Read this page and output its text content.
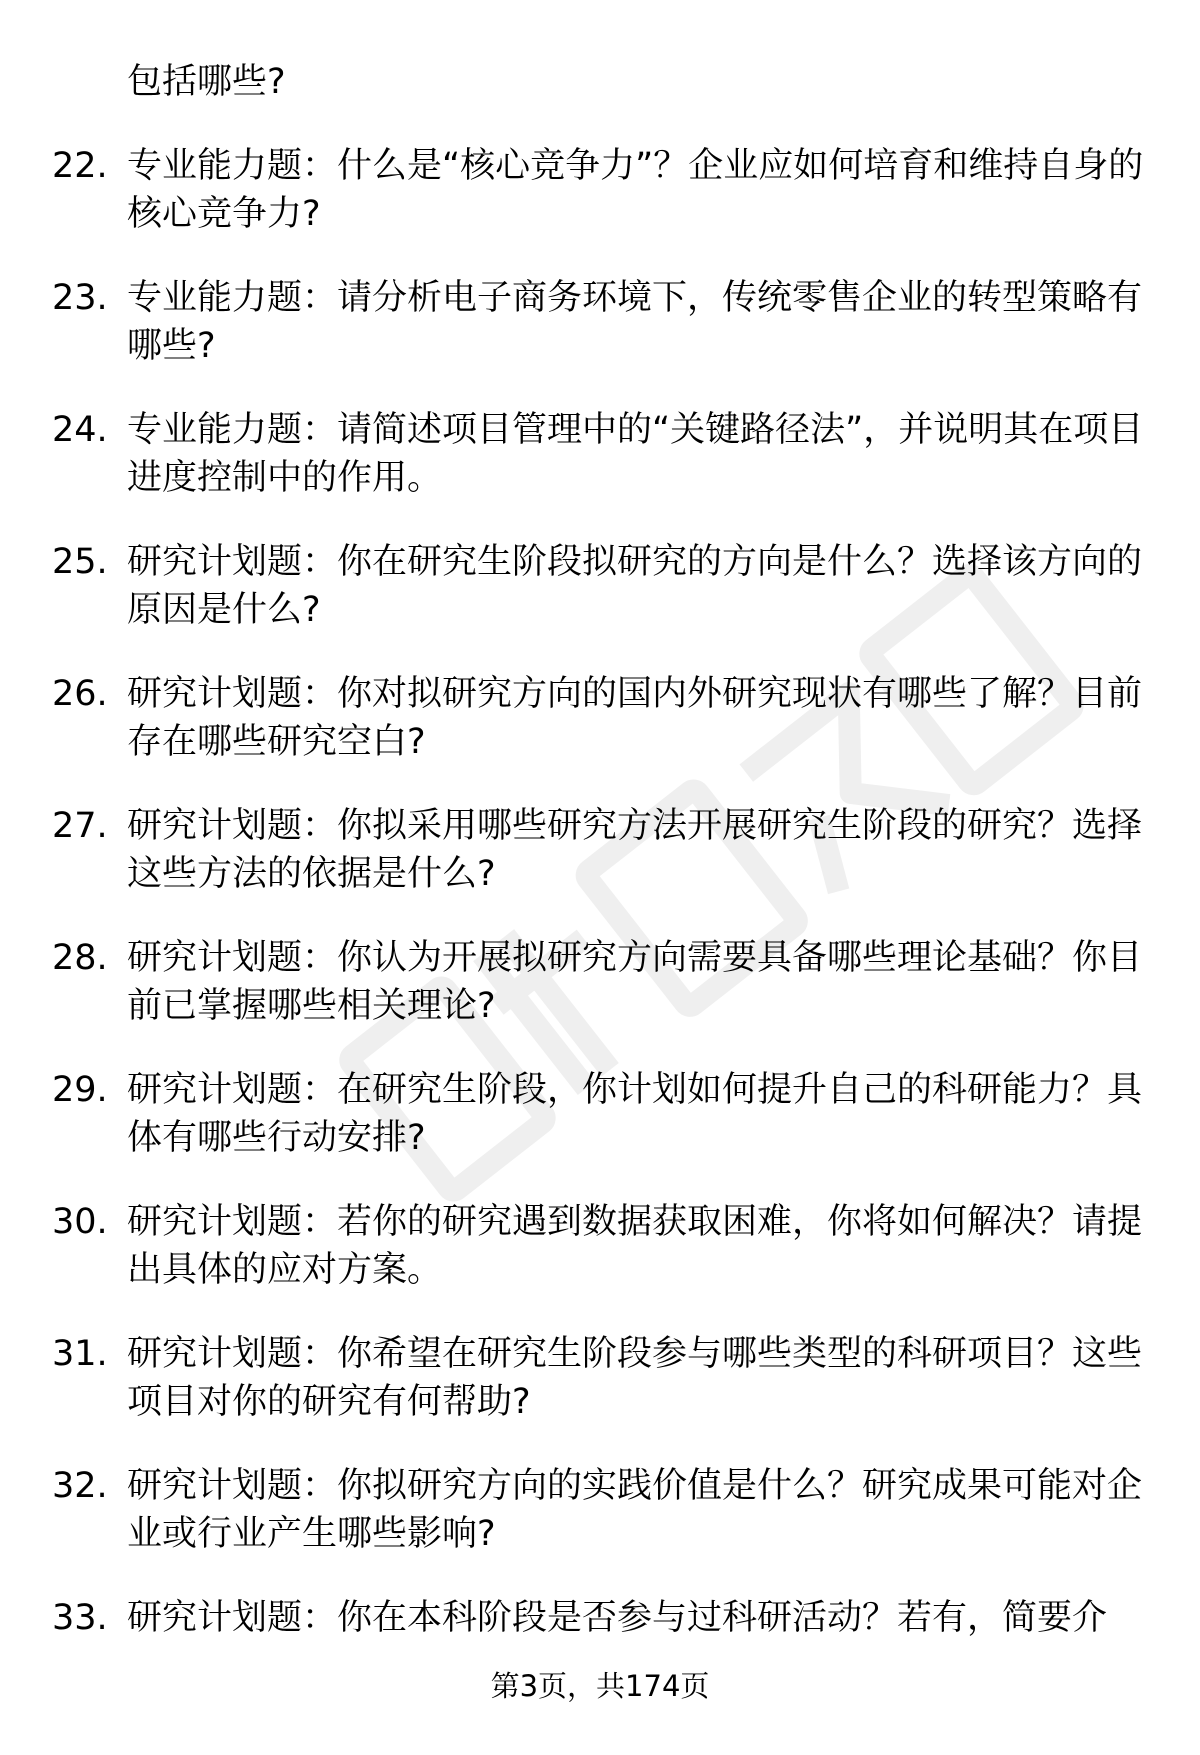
包括哪些?
22. 专业能力题：什么是“核心竞争力”？企业应如何培育和维持自身的核心竞争力?
23. 专业能力题：请分析电子商务环境下，传统零售企业的转型策略有哪些?
24. 专业能力题：请简述项目管理中的“关键路径法”，并说明其在项目进度控制中的作用。
25. 研究计划题：你在研究生阶段拟研究的方向是什么？选择该方向的原因是什么?
26. 研究计划题：你对拟研究方向的国内外研究现状有哪些了解？目前存在哪些研究空白?
27. 研究计划题：你拟采用哪些研究方法开展研究生阶段的研究？选择这些方法的依据是什么?
28. 研究计划题：你认为开展拟研究方向需要具备哪些理论基础？你目前已掌握哪些相关理论?
29. 研究计划题：在研究生阶段，你计划如何提升自己的科研能力？具体有哪些行动安排?
30. 研究计划题：若你的研究遇到数据获取困难，你将如何解决？请提出具体的应对方案。
31. 研究计划题：你希望在研究生阶段参与哪些类型的科研项目？这些项目对你的研究有何帮助?
32. 研究计划题：你拟研究方向的实践价值是什么？研究成果可能对企业或行业产生哪些影响?
33. 研究计划题：你在本科阶段是否参与过科研活动？若有，简要介
第3页，共174页
